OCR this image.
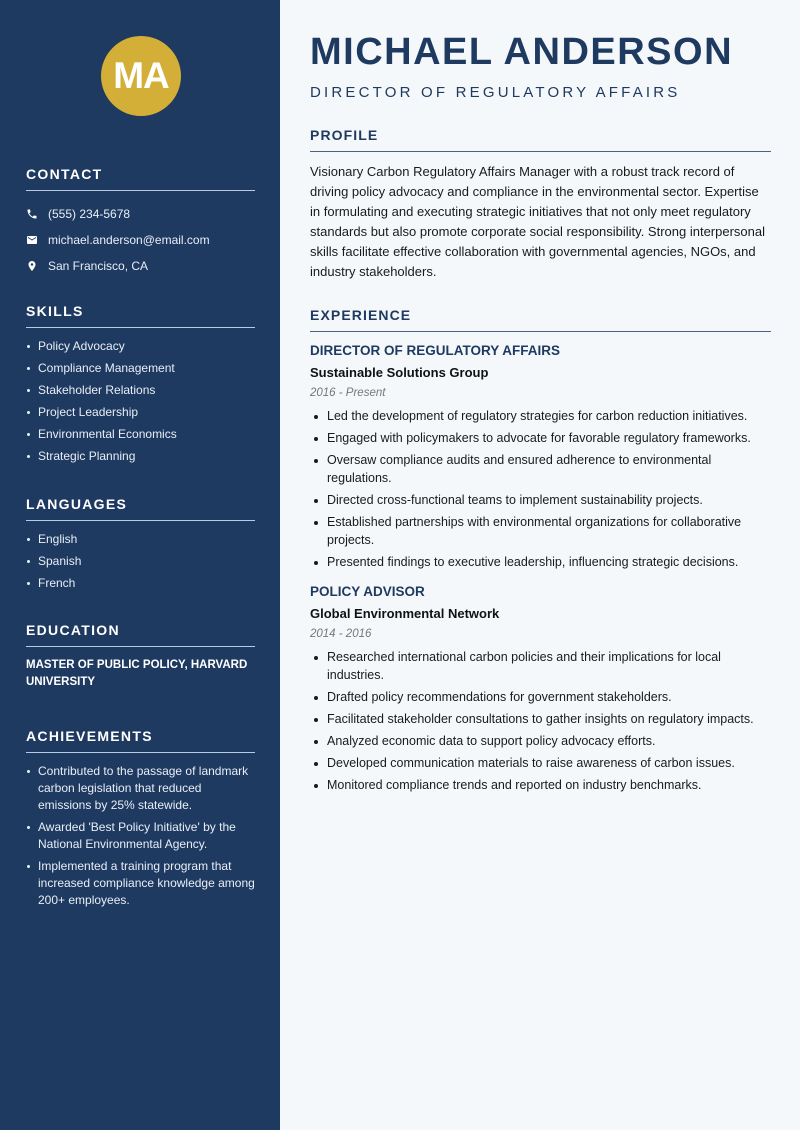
MA
CONTACT
(555) 234-5678
michael.anderson@email.com
San Francisco, CA
SKILLS
Policy Advocacy
Compliance Management
Stakeholder Relations
Project Leadership
Environmental Economics
Strategic Planning
LANGUAGES
English
Spanish
French
EDUCATION
MASTER OF PUBLIC POLICY, HARVARD UNIVERSITY
ACHIEVEMENTS
Contributed to the passage of landmark carbon legislation that reduced emissions by 25% statewide.
Awarded 'Best Policy Initiative' by the National Environmental Agency.
Implemented a training program that increased compliance knowledge among 200+ employees.
MICHAEL ANDERSON
DIRECTOR OF REGULATORY AFFAIRS
PROFILE

Visionary Carbon Regulatory Affairs Manager with a robust track record of driving policy advocacy and compliance in the environmental sector. Expertise in formulating and executing strategic initiatives that not only meet regulatory standards but also promote corporate social responsibility. Strong interpersonal skills facilitate effective collaboration with governmental agencies, NGOs, and industry stakeholders.

EXPERIENCE
DIRECTOR OF REGULATORY AFFAIRS
Sustainable Solutions Group
2016 - Present
Led the development of regulatory strategies for carbon reduction initiatives.
Engaged with policymakers to advocate for favorable regulatory frameworks.
Oversaw compliance audits and ensured adherence to environmental regulations.
Directed cross-functional teams to implement sustainability projects.
Established partnerships with environmental organizations for collaborative projects.
Presented findings to executive leadership, influencing strategic decisions.
POLICY ADVISOR
Global Environmental Network
2014 - 2016
Researched international carbon policies and their implications for local industries.
Drafted policy recommendations for government stakeholders.
Facilitated stakeholder consultations to gather insights on regulatory impacts.
Analyzed economic data to support policy advocacy efforts.
Developed communication materials to raise awareness of carbon issues.
Monitored compliance trends and reported on industry benchmarks.
